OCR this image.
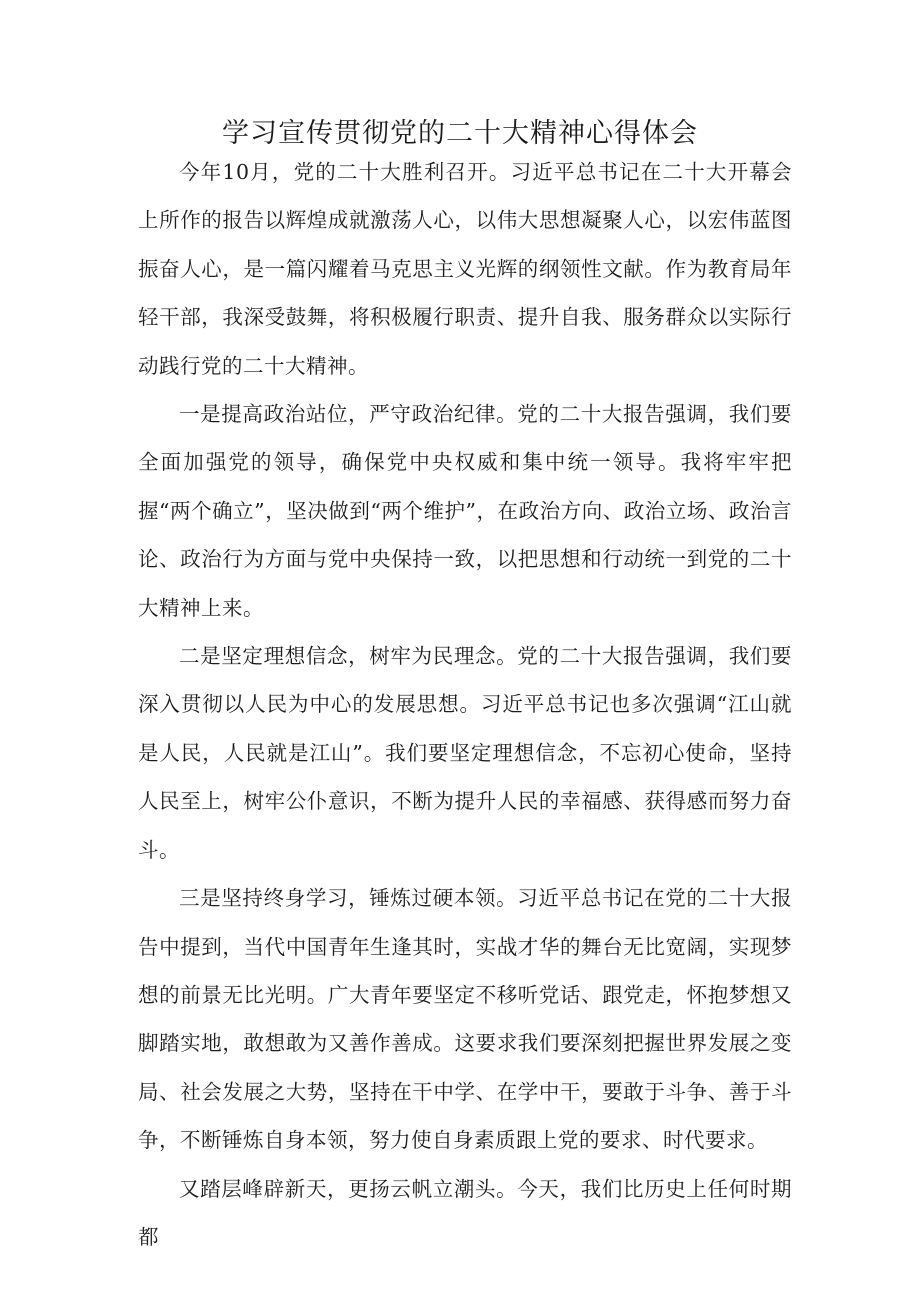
学习宣传贯彻党的二十大精神心得体会

今年10月，党的二十大胜利召开。习近平总书记在二十大开幕会上所作的报告以辉煌成就激荡人心，以伟大思想凝聚人心，以宏伟蓝图振奋人心，是一篇闪耀着马克思主义光辉的纲领性文献。作为教育局年轻干部，我深受鼓舞，将积极履行职责、提升自我、服务群众以实际行动践行党的二十大精神。

一是提高政治站位，严守政治纪律。党的二十大报告强调，我们要全面加强党的领导，确保党中央权威和集中统一领导。我将牢牢把握“两个确立”，坚决做到“两个维护”，在政治方向、政治立场、政治言论、政治行为方面与党中央保持一致，以把思想和行动统一到党的二十大精神上来。

二是坚定理想信念，树牢为民理念。党的二十大报告强调，我们要深入贯彻以人民为中心的发展思想。习近平总书记也多次强调“江山就是人民，人民就是江山”。我们要坚定理想信念，不忘初心使命，坚持人民至上，树牢公仆意识，不断为提升人民的幸福感、获得感而努力奋斗。

三是坚持终身学习，锤炼过硬本领。习近平总书记在党的二十大报告中提到，当代中国青年生逢其时，实战才华的舞台无比宽阔，实现梦想的前景无比光明。广大青年要坚定不移听党话、跟党走，怀抱梦想又脚踏实地，敢想敢为又善作善成。这要求我们要深刻把握世界发展之变局、社会发展之大势，坚持在干中学、在学中干，要敢于斗争、善于斗争，不断锤炼自身本领，努力使自身素质跟上党的要求、时代要求。

又踏层峰辟新天，更扬云帆立潮头。今天，我们比历史上任何时期都
